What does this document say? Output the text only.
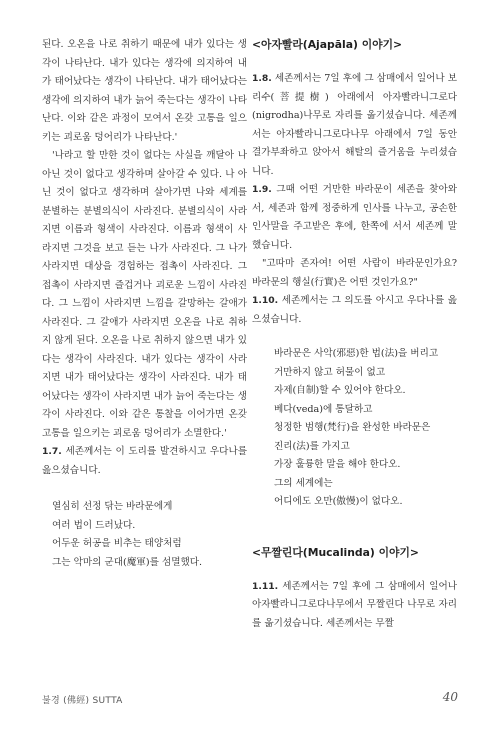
된다. 오온을 나로 취하기 때문에 내가 있다는 생각이 나타난다. 내가 있다는 생각에 의지하여 내가 태어났다는 생각이 나타난다. 내가 태어났다는 생각에 의지하여 내가 늙어 죽는다는 생각이 나타난다. 이와 같은 과정이 모여서 온갖 고통을 일으키는 괴로움 덩어리가 나타난다.'

'나라고 할 만한 것이 없다는 사실을 깨달아 나 아닌 것이 없다고 생각하며 살아갈 수 있다. 나 아닌 것이 없다고 생각하며 살아가면 나와 세계를 분별하는 분별의식이 사라진다. 분별의식이 사라지면 이름과 형색이 사라진다. 이름과 형색이 사라지면 그것을 보고 듣는 나가 사라진다. 그 나가 사라지면 대상을 경험하는 접촉이 사라진다. 그 접촉이 사라지면 즐겁거나 괴로운 느낌이 사라진다. 그 느낌이 사라지면 느낌을 갈망하는 갈애가 사라진다. 그 갈애가 사라지면 오온을 나로 취하지 않게 된다. 오온을 나로 취하지 않으면 내가 있다는 생각이 사라진다. 내가 있다는 생각이 사라지면 내가 태어났다는 생각이 사라진다. 내가 태어났다는 생각이 사라지면 내가 늙어 죽는다는 생각이 사라진다. 이와 같은 통찰을 이어가면 온갖 고통을 일으키는 괴로움 덩어리가 소멸한다.'

1.7. 세존께서는 이 도리를 발견하시고 우다나를 읊으셨습니다.

열심히 선정 닦는 바라문에게

여러 법이 드러났다.

어두운 허공을 비추는 태양처럼

그는 악마의 군대(魔軍)를 섬멸했다.

<아자빨라(Ajapāla) 이야기>

1.8. 세존께서는 7일 후에 그 삼매에서 일어나 보리수(菩提樹) 아래에서 아자빨라니그로다(nigrodha)나무로 자리를 옮기셨습니다. 세존께서는 아자빨라니그로다나무 아래에서 7일 동안 결가부좌하고 앉아서 해탈의 즐거움을 누리셨습니다.

1.9. 그때 어떤 거만한 바라문이 세존을 찾아와서, 세존과 함께 정중하게 인사를 나누고, 공손한 인사말을 주고받은 후에, 한쪽에 서서 세존께 말했습니다.

"고따마 존자여! 어떤 사람이 바라문인가요? 바라문의 행실(行實)은 어떤 것인가요?"

1.10. 세존께서는 그 의도를 아시고 우다나를 읊으셨습니다.

바라문은 사악(邪惡)한 법(法)을 버리고

거만하지 않고 허물이 없고

자제(自制)할 수 있어야 한다오.

베다(veda)에 통달하고

청정한 범행(梵行)을 완성한 바라문은

진리(法)를 가지고

가장 훌륭한 말을 해야 한다오.

그의 세계에는

어디에도 오만(傲慢)이 없다오.

<무짤린다(Mucalinda) 이야기>

1.11. 세존께서는 7일 후에 그 삼매에서 일어나 아자빨라니그로다나무에서 무짤린다 나무로 자리를 옮기셨습니다. 세존께서는 무짤

불경 (佛經) SUTTA	40
